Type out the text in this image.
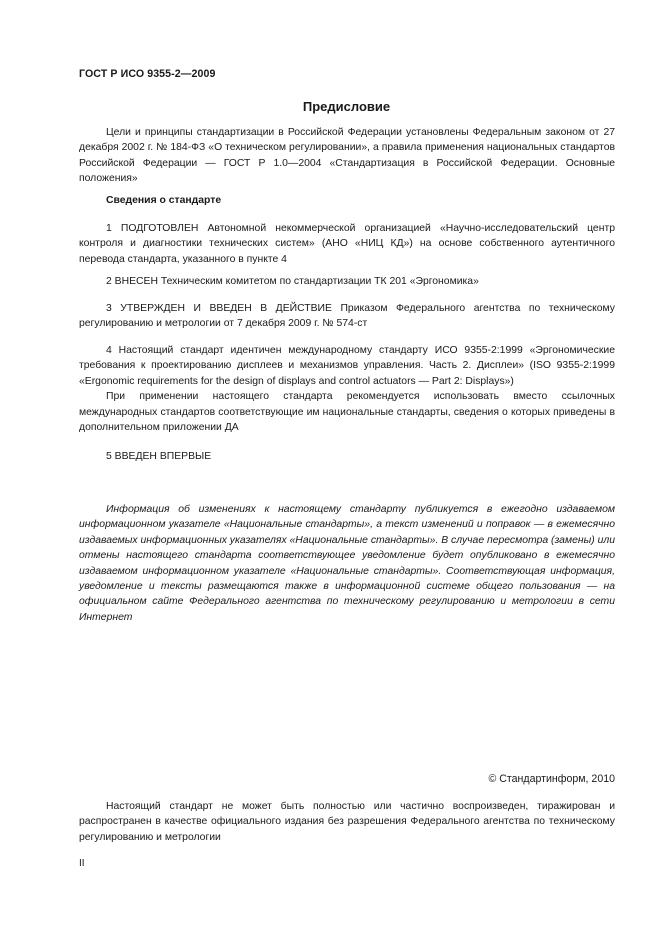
ГОСТ Р ИСО 9355-2—2009
Предисловие

Цели и принципы стандартизации в Российской Федерации установлены Федеральным законом от 27 декабря 2002 г. № 184-ФЗ «О техническом регулировании», а правила применения национальных стандартов Российской Федерации — ГОСТ Р 1.0—2004 «Стандартизация в Российской Федерации. Основные положения»

Сведения о стандарте

1 ПОДГОТОВЛЕН Автономной некоммерческой организацией «Научно-исследовательский центр контроля и диагностики технических систем» (АНО «НИЦ КД») на основе собственного аутентичного перевода стандарта, указанного в пункте 4

2 ВНЕСЕН Техническим комитетом по стандартизации ТК 201 «Эргономика»

3 УТВЕРЖДЕН И ВВЕДЕН В ДЕЙСТВИЕ Приказом Федерального агентства по техническому регулированию и метрологии от 7 декабря 2009 г. № 574-ст

4 Настоящий стандарт идентичен международному стандарту ИСО 9355-2:1999 «Эргономические требования к проектированию дисплеев и механизмов управления. Часть 2. Дисплеи» (ISO 9355-2:1999 «Ergonomic requirements for the design of displays and control actuators — Part 2: Displays»)

При применении настоящего стандарта рекомендуется использовать вместо ссылочных международных стандартов соответствующие им национальные стандарты, сведения о которых приведены в дополнительном приложении ДА

5 ВВЕДЕН ВПЕРВЫЕ

Информация об изменениях к настоящему стандарту публикуется в ежегодно издаваемом информационном указателе «Национальные стандарты», а текст изменений и поправок — в ежемесячно издаваемых информационных указателях «Национальные стандарты». В случае пересмотра (замены) или отмены настоящего стандарта соответствующее уведомление будет опубликовано в ежемесячно издаваемом информационном указателе «Национальные стандарты». Соответствующая информация, уведомление и тексты размещаются также в информационной системе общего пользования — на официальном сайте Федерального агентства по техническому регулированию и метрологии в сети Интернет

© Стандартинформ, 2010

Настоящий стандарт не может быть полностью или частично воспроизведен, тиражирован и распространен в качестве официального издания без разрешения Федерального агентства по техническому регулированию и метрологии

II
